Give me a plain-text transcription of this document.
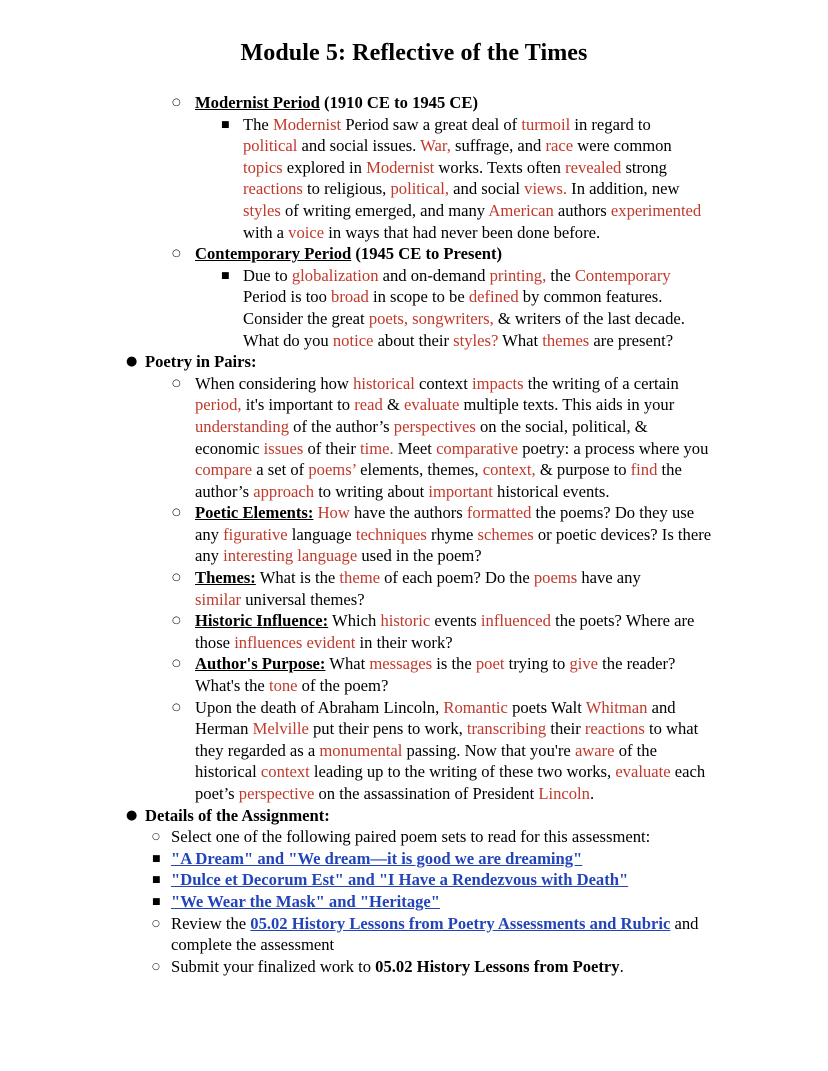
Module 5: Reflective of the Times
○ Modernist Period (1910 CE to 1945 CE)
■ The Modernist Period saw a great deal of turmoil in regard to political and social issues. War, suffrage, and race were common topics explored in Modernist works. Texts often revealed strong reactions to religious, political, and social views. In addition, new styles of writing emerged, and many American authors experimented with a voice in ways that had never been done before.
○ Contemporary Period (1945 CE to Present)
■ Due to globalization and on-demand printing, the Contemporary Period is too broad in scope to be defined by common features. Consider the great poets, songwriters, & writers of the last decade. What do you notice about their styles? What themes are present?
● Poetry in Pairs:
○ When considering how historical context impacts the writing of a certain period, it's important to read & evaluate multiple texts. This aids in your understanding of the author’s perspectives on the social, political, & economic issues of their time. Meet comparative poetry: a process where you compare a set of poems’ elements, themes, context, & purpose to find the author’s approach to writing about important historical events.
○ Poetic Elements: How have the authors formatted the poems? Do they use any figurative language techniques rhyme schemes or poetic devices? Is there any interesting language used in the poem?
○ Themes: What is the theme of each poem? Do the poems have any similar universal themes?
○ Historic Influence: Which historic events influenced the poets? Where are those influences evident in their work?
○ Author's Purpose: What messages is the poet trying to give the reader? What's the tone of the poem?
○ Upon the death of Abraham Lincoln, Romantic poets Walt Whitman and Herman Melville put their pens to work, transcribing their reactions to what they regarded as a monumental passing. Now that you're aware of the historical context leading up to the writing of these two works, evaluate each poet’s perspective on the assassination of President Lincoln.
● Details of the Assignment:
○ Select one of the following paired poem sets to read for this assessment:
■ "A Dream" and "We dream—it is good we are dreaming"
■ "Dulce et Decorum Est" and "I Have a Rendezvous with Death"
■ "We Wear the Mask" and "Heritage"
○ Review the 05.02 History Lessons from Poetry Assessments and Rubric and complete the assessment
○ Submit your finalized work to 05.02 History Lessons from Poetry.
